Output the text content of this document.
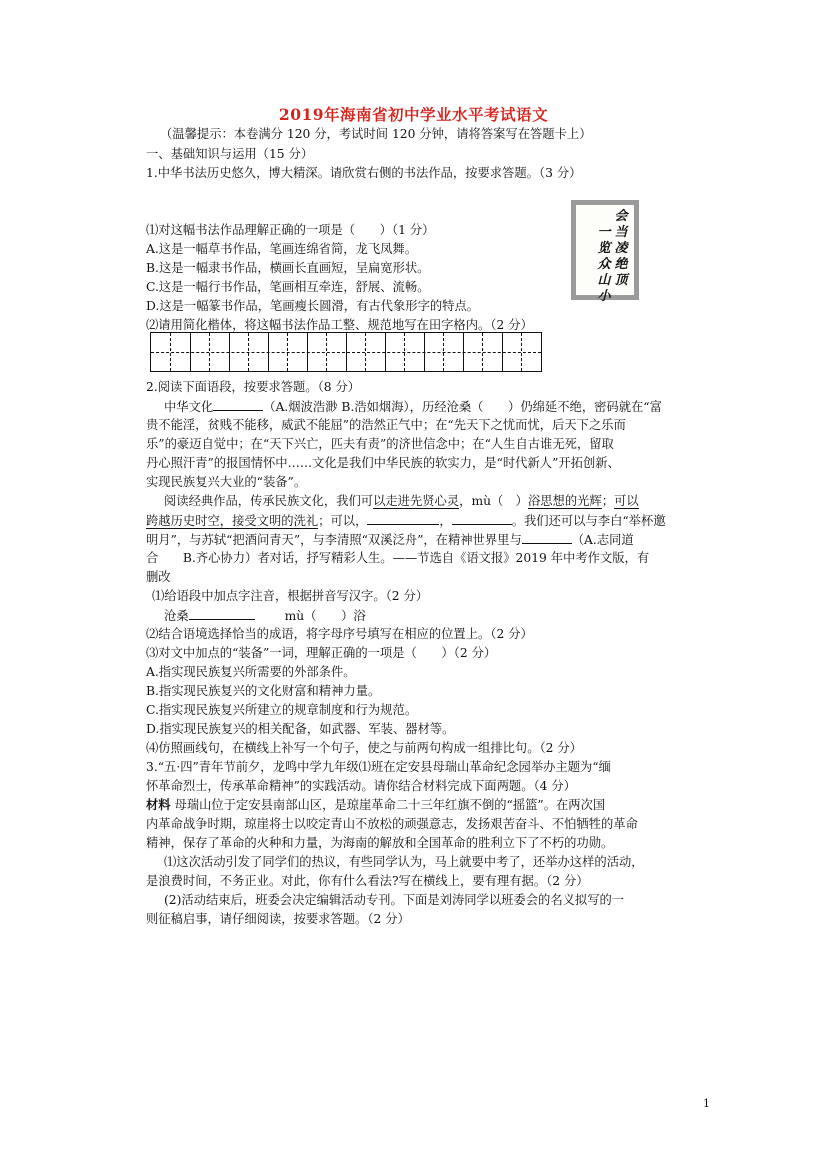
2019年海南省初中学业水平考试语文
（温馨提示：本卷满分 120 分，考试时间 120 分钟，请将答案写在答题卡上）
一、基础知识与运用（15 分）
1.中华书法历史悠久，博大精深。请欣赏右侧的书法作品，按要求答题。（3 分）
⑴对这幅书法作品理解正确的一项是（　　）（1 分）
A.这是一幅草书作品，笔画连绵省简，龙飞凤舞。
B.这是一幅隶书作品，横画长直画短，呈扁宽形状。
C.这是一幅行书作品，笔画相互牵连，舒展、流畅。
D.这是一幅篆书作品，笔画瘦长圆滑，有古代象形字的特点。
⑵请用简化楷体，将这幅书法作品工整、规范地写在田字格内。（2 分）
会当凌绝顶
一览众山小
2.阅读下面语段，按要求答题。（8 分）
中华文化	（A.烟波浩渺 B.浩如烟海），历经沧桑（　　）仍绵延不绝，密码就在“富
贵不能淫，贫贱不能移，威武不能屈”的浩然正气中；在“先天下之忧而忧，后天下之乐而
乐”的豪迈自觉中；在“天下兴亡，匹夫有责”的济世信念中；在“人生自古谁无死，留取
丹心照汗青”的报国情怀中……文化是我们中华民族的软实力，是“时代新人”开拓创新、
实现民族复兴大业的“装备”。
阅读经典作品，传承民族文化，我们可以走进先贤心灵，mù（　）浴思想的光辉；可以
跨越历史时空，接受文明的洗礼；可以，	，	。我们还可以与李白“举杯邀
明月”，与苏轼“把酒问青天”，与李清照“双溪泛舟”，在精神世界里与	（A.志同道
合　　B.齐心协力）者对话，抒写精彩人生。——节选自《语文报》2019 年中考作文版，有
删改
⑴给语段中加点字注音，根据拼音写汉字。（2 分）
沧桑	mù（　　）浴
⑵结合语境选择恰当的成语，将字母序号填写在相应的位置上。（2 分）
⑶对文中加点的“装备”一词，理解正确的一项是（　　）（2 分）
A.指实现民族复兴所需要的外部条件。
B.指实现民族复兴的文化财富和精神力量。
C.指实现民族复兴所建立的规章制度和行为规范。
D.指实现民族复兴的相关配备，如武器、军装、器材等。
⑷仿照画线句，在横线上补写一个句子，使之与前两句构成一组排比句。（2 分）
3.“五·四”青年节前夕，龙鸣中学九年级⑴班在定安县母瑞山革命纪念园举办主题为“缅
怀革命烈士，传承革命精神”的实践活动。请你结合材料完成下面两题。（4 分）
材料 母瑞山位于定安县南部山区，是琼崖革命二十三年红旗不倒的“摇篮”。在两次国
内革命战争时期，琼崖将士以咬定青山不放松的顽强意志，发扬艰苦奋斗、不怕牺牲的革命
精神，保存了革命的火种和力量，为海南的解放和全国革命的胜利立下了不朽的功勋。
⑴这次活动引发了同学们的热议，有些同学认为，马上就要中考了，还举办这样的活动，
是浪费时间，不务正业。对此，你有什么看法?写在横线上，要有理有据。（2 分）
(2)活动结束后，班委会决定编辑活动专刊。下面是刘涛同学以班委会的名义拟写的一
则征稿启事，请仔细阅读，按要求答题。（2 分）
1
